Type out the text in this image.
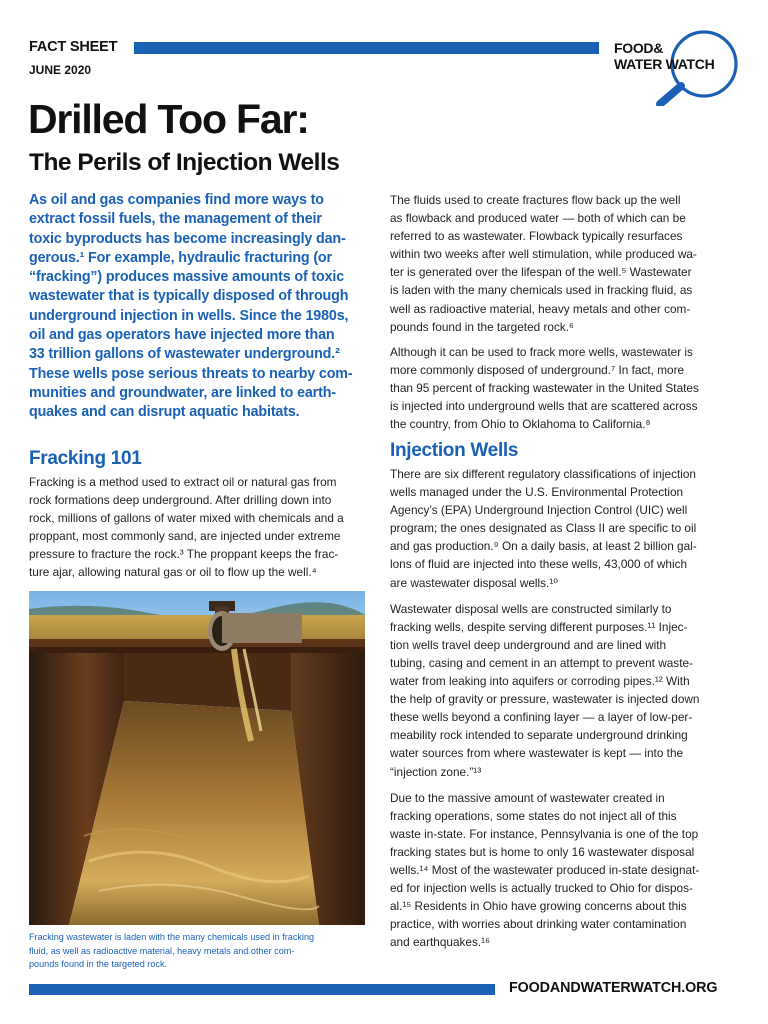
FACT SHEET
JUNE 2020
FOOD&
WATER WATCH
Drilled Too Far:
The Perils of Injection Wells
As oil and gas companies find more ways to
extract fossil fuels, the management of their
toxic byproducts has become increasingly dan-
gerous.¹ For example, hydraulic fracturing (or
“fracking”) produces massive amounts of toxic
wastewater that is typically disposed of through
underground injection in wells. Since the 1980s,
oil and gas operators have injected more than
33 trillion gallons of wastewater underground.²
These wells pose serious threats to nearby com-
munities and groundwater, are linked to earth-
quakes and can disrupt aquatic habitats.
Fracking 101
Fracking is a method used to extract oil or natural gas from
rock formations deep underground. After drilling down into
rock, millions of gallons of water mixed with chemicals and a
proppant, most commonly sand, are injected under extreme
pressure to fracture the rock.³ The proppant keeps the frac-
ture ajar, allowing natural gas or oil to flow up the well.⁴
Fracking wastewater is laden with the many chemicals used in fracking
fluid, as well as radioactive material, heavy metals and other com-
pounds found in the targeted rock.
The fluids used to create fractures flow back up the well
as flowback and produced water — both of which can be
referred to as wastewater. Flowback typically resurfaces
within two weeks after well stimulation, while produced wa-
ter is generated over the lifespan of the well.⁵ Wastewater
is laden with the many chemicals used in fracking fluid, as
well as radioactive material, heavy metals and other com-
pounds found in the targeted rock.⁶
Although it can be used to frack more wells, wastewater is
more commonly disposed of underground.⁷ In fact, more
than 95 percent of fracking wastewater in the United States
is injected into underground wells that are scattered across
the country, from Ohio to Oklahoma to California.⁸
Injection Wells
There are six different regulatory classifications of injection
wells managed under the U.S. Environmental Protection
Agency’s (EPA) Underground Injection Control (UIC) well
program; the ones designated as Class II are specific to oil
and gas production.⁹ On a daily basis, at least 2 billion gal-
lons of fluid are injected into these wells, 43,000 of which
are wastewater disposal wells.¹⁰
Wastewater disposal wells are constructed similarly to
fracking wells, despite serving different purposes.¹¹ Injec-
tion wells travel deep underground and are lined with
tubing, casing and cement in an attempt to prevent waste-
water from leaking into aquifers or corroding pipes.¹² With
the help of gravity or pressure, wastewater is injected down
these wells beyond a confining layer — a layer of low-per-
meability rock intended to separate underground drinking
water sources from where wastewater is kept — into the
“injection zone.”¹³
Due to the massive amount of wastewater created in
fracking operations, some states do not inject all of this
waste in-state. For instance, Pennsylvania is one of the top
fracking states but is home to only 16 wastewater disposal
wells.¹⁴ Most of the wastewater produced in-state designat-
ed for injection wells is actually trucked to Ohio for dispos-
al.¹⁵ Residents in Ohio have growing concerns about this
practice, with worries about drinking water contamination
and earthquakes.¹⁶
FOODANDWATERWATCH.ORG
